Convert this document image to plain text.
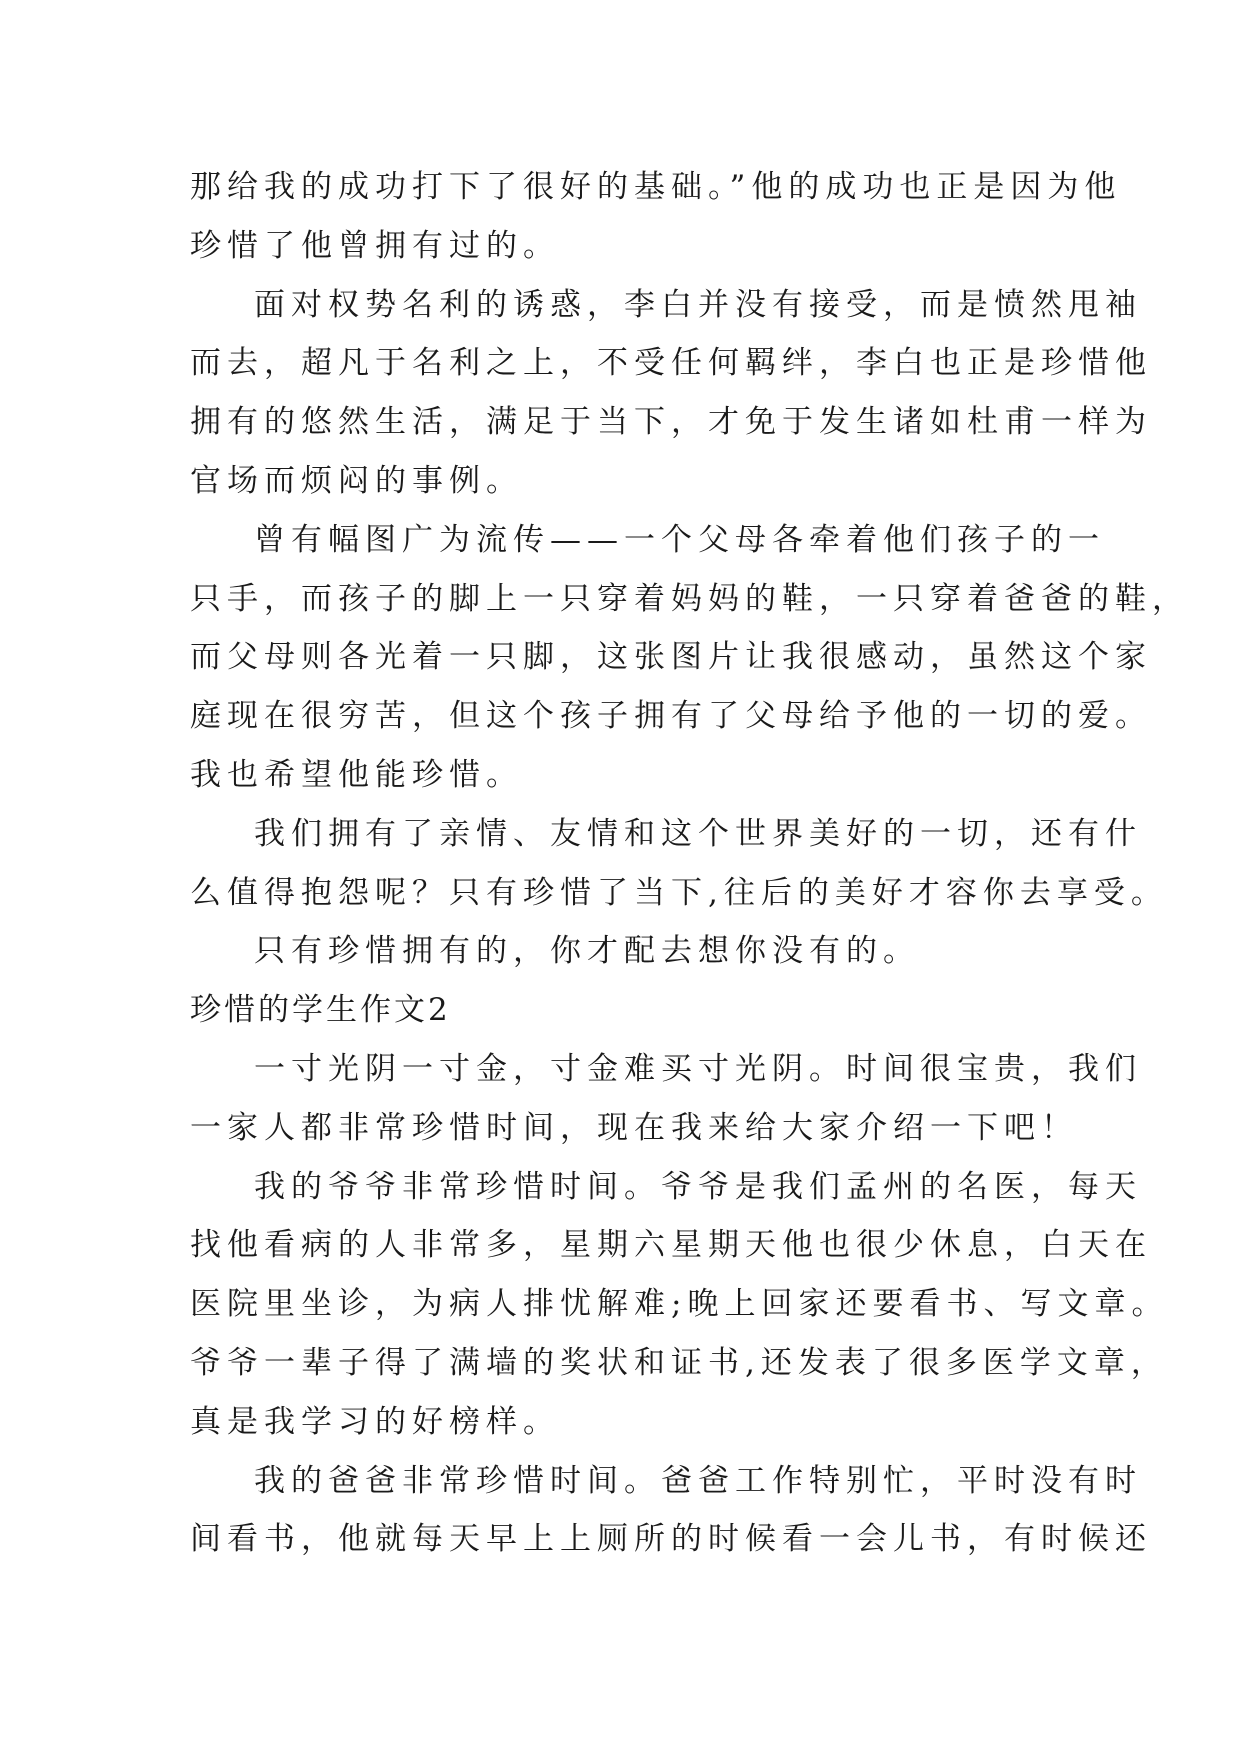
那给我的成功打下了很好的基础。”他的成功也正是因为他
珍惜了他曾拥有过的。
面对权势名利的诱惑，李白并没有接受，而是愤然甩袖
而去，超凡于名利之上，不受任何羁绊，李白也正是珍惜他
拥有的悠然生活，满足于当下，才免于发生诸如杜甫一样为
官场而烦闷的事例。
曾有幅图广为流传——一个父母各牵着他们孩子的一
只手，而孩子的脚上一只穿着妈妈的鞋，一只穿着爸爸的鞋，
而父母则各光着一只脚，这张图片让我很感动，虽然这个家
庭现在很穷苦，但这个孩子拥有了父母给予他的一切的爱。
我也希望他能珍惜。
我们拥有了亲情、友情和这个世界美好的一切，还有什
么值得抱怨呢？只有珍惜了当下,往后的美好才容你去享受。
只有珍惜拥有的，你才配去想你没有的。
珍惜的学生作文2
一寸光阴一寸金，寸金难买寸光阴。时间很宝贵，我们
一家人都非常珍惜时间，现在我来给大家介绍一下吧！
我的爷爷非常珍惜时间。爷爷是我们孟州的名医，每天
找他看病的人非常多，星期六星期天他也很少休息，白天在
医院里坐诊，为病人排忧解难;晚上回家还要看书、写文章。
爷爷一辈子得了满墙的奖状和证书,还发表了很多医学文章，
真是我学习的好榜样。
我的爸爸非常珍惜时间。爸爸工作特别忙，平时没有时
间看书，他就每天早上上厕所的时候看一会儿书，有时候还
